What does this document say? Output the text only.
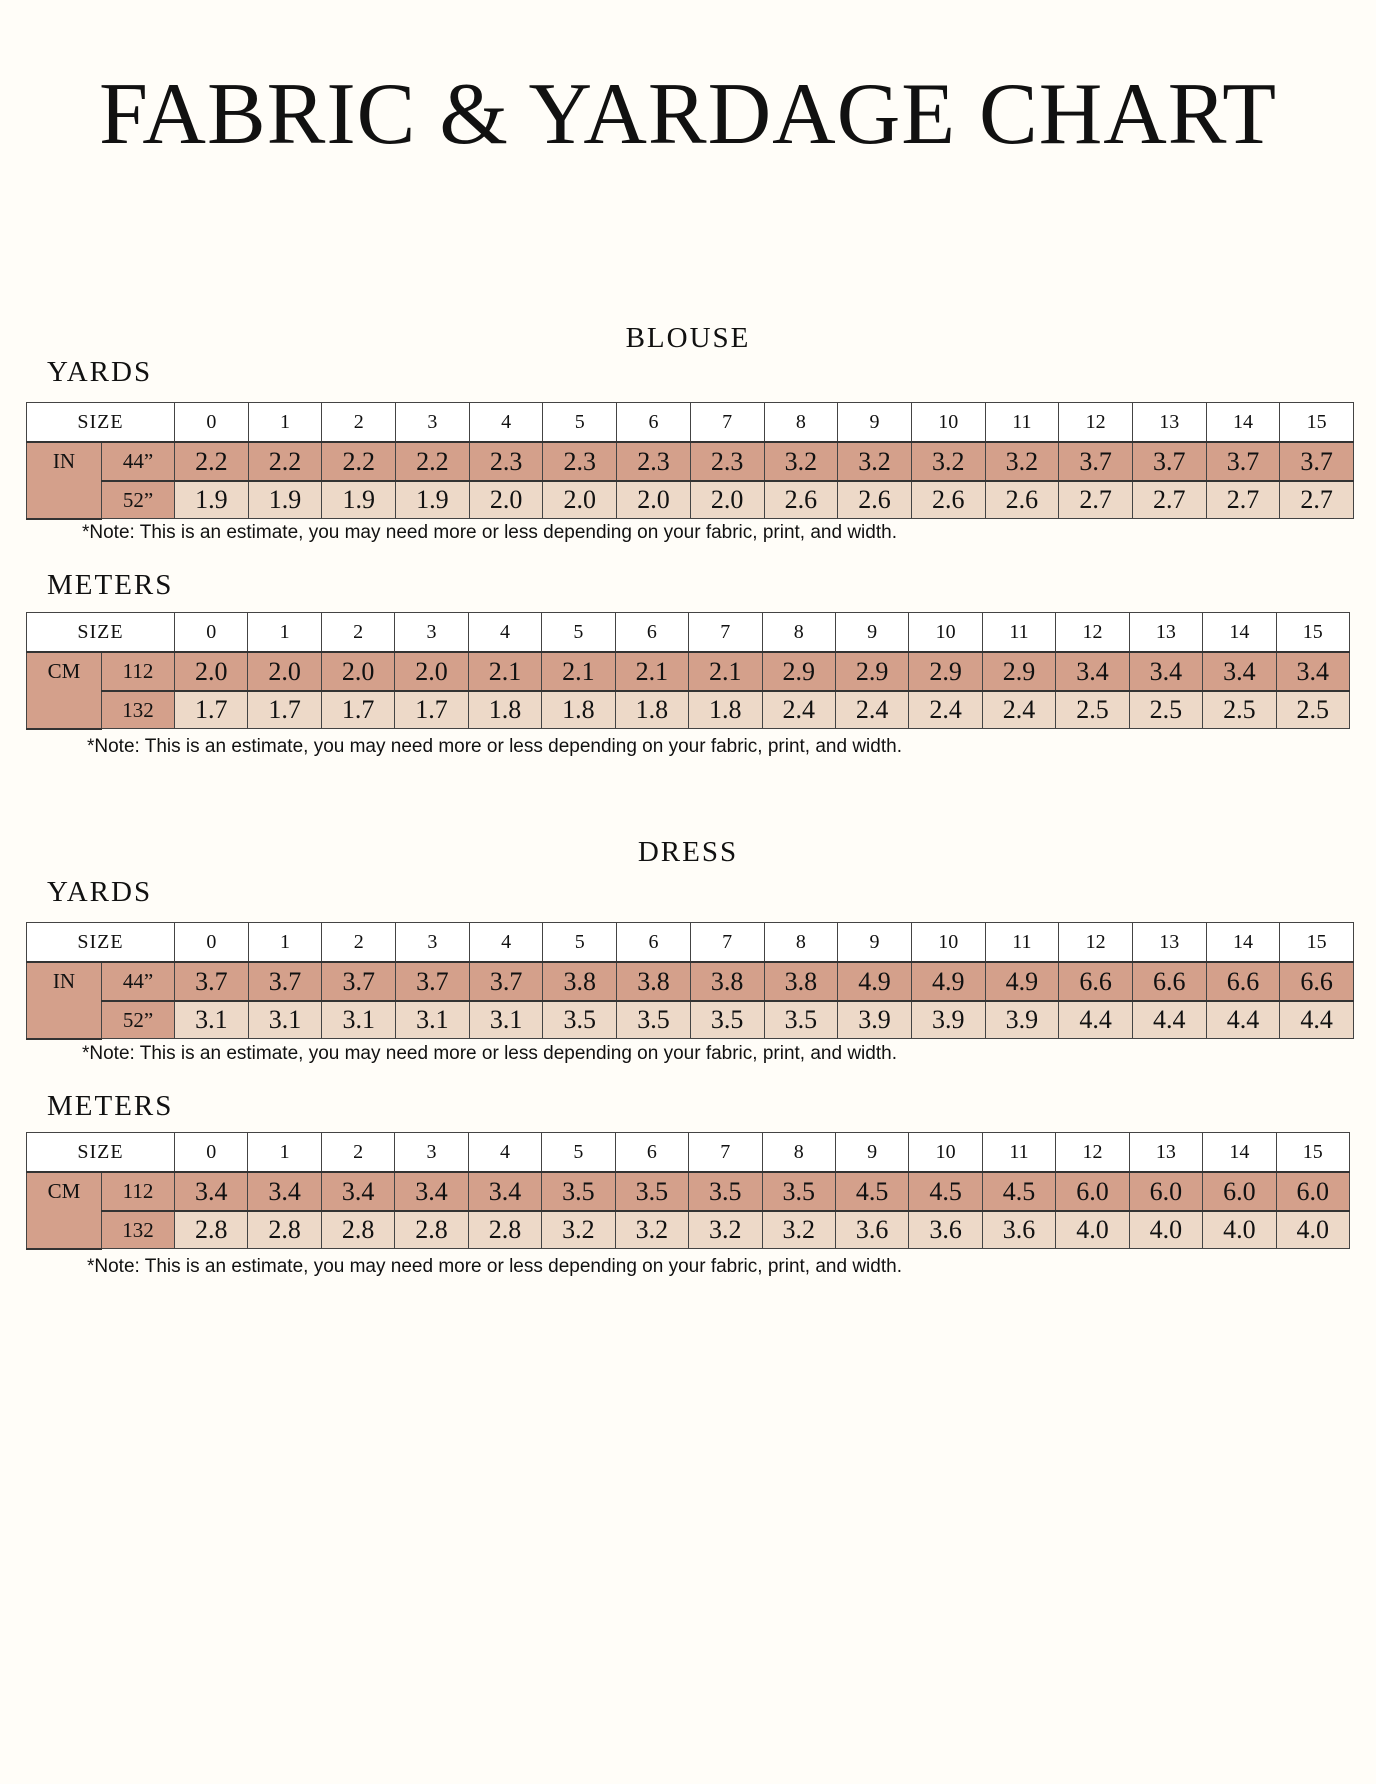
FABRIC & YARDAGE CHART
BLOUSE
YARDS
SIZE		0	1	2	3	4	5	6	7	8	9	10	11	12	13	14	15
IN	44”	2.2	2.2	2.2	2.2	2.3	2.3	2.3	2.3	3.2	3.2	3.2	3.2	3.7	3.7	3.7	3.7
	52”	1.9	1.9	1.9	1.9	2.0	2.0	2.0	2.0	2.6	2.6	2.6	2.6	2.7	2.7	2.7	2.7
*Note: This is an estimate, you may need more or less depending on your fabric, print, and width.
METERS
SIZE		0	1	2	3	4	5	6	7	8	9	10	11	12	13	14	15
CM	112	2.0	2.0	2.0	2.0	2.1	2.1	2.1	2.1	2.9	2.9	2.9	2.9	3.4	3.4	3.4	3.4
	132	1.7	1.7	1.7	1.7	1.8	1.8	1.8	1.8	2.4	2.4	2.4	2.4	2.5	2.5	2.5	2.5
*Note: This is an estimate, you may need more or less depending on your fabric, print, and width.
DRESS
YARDS
SIZE		0	1	2	3	4	5	6	7	8	9	10	11	12	13	14	15
IN	44”	3.7	3.7	3.7	3.7	3.7	3.8	3.8	3.8	3.8	4.9	4.9	4.9	6.6	6.6	6.6	6.6
	52”	3.1	3.1	3.1	3.1	3.1	3.5	3.5	3.5	3.5	3.9	3.9	3.9	4.4	4.4	4.4	4.4
*Note: This is an estimate, you may need more or less depending on your fabric, print, and width.
METERS
SIZE		0	1	2	3	4	5	6	7	8	9	10	11	12	13	14	15
CM	112	3.4	3.4	3.4	3.4	3.4	3.5	3.5	3.5	3.5	4.5	4.5	4.5	6.0	6.0	6.0	6.0
	132	2.8	2.8	2.8	2.8	2.8	3.2	3.2	3.2	3.2	3.6	3.6	3.6	4.0	4.0	4.0	4.0
*Note: This is an estimate, you may need more or less depending on your fabric, print, and width.
